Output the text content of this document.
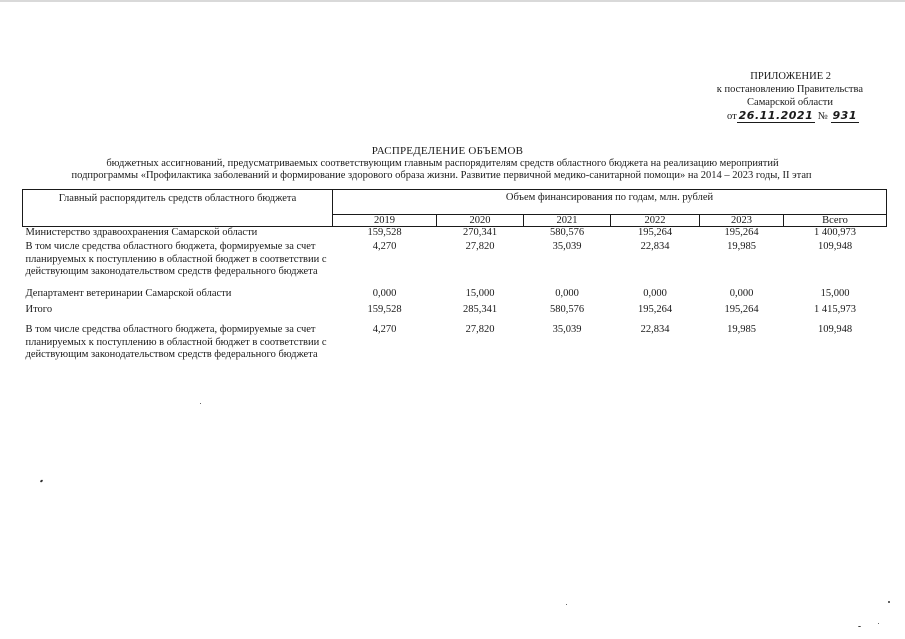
ПРИЛОЖЕНИЕ 2
к постановлению Правительства
Самарской области
от 26.11.2021 № 931
РАСПРЕДЕЛЕНИЕ ОБЪЕМОВ
бюджетных ассигнований, предусматриваемых соответствующим главным распорядителям средств областного бюджета на реализацию мероприятий
подпрограммы «Профилактика заболеваний и формирование здорового образа жизни. Развитие первичной медико-санитарной помощи» на 2014 – 2023 годы, II этап
Главный распорядитель средств областного бюджета	Объем финансирования по годам, млн. рублей					
	2019	2020	2021	2022	2023	Всего
Министерство здравоохранения Самарской области	159,528	270,341	580,576	195,264	195,264	1 400,973
В том числе средства областного бюджета, формируемые за счет планируемых к поступлению в областной бюджет в соответствии с действующим законодательством средств федерального бюджета	4,270	27,820	35,039	22,834	19,985	109,948
Департамент ветеринарии Самарской области	0,000	15,000	0,000	0,000	0,000	15,000
Итого	159,528	285,341	580,576	195,264	195,264	1 415,973
В том числе средства областного бюджета, формируемые за счет планируемых к поступлению в областной бюджет в соответствии с действующим законодательством средств федерального бюджета	4,270	27,820	35,039	22,834	19,985	109,948
